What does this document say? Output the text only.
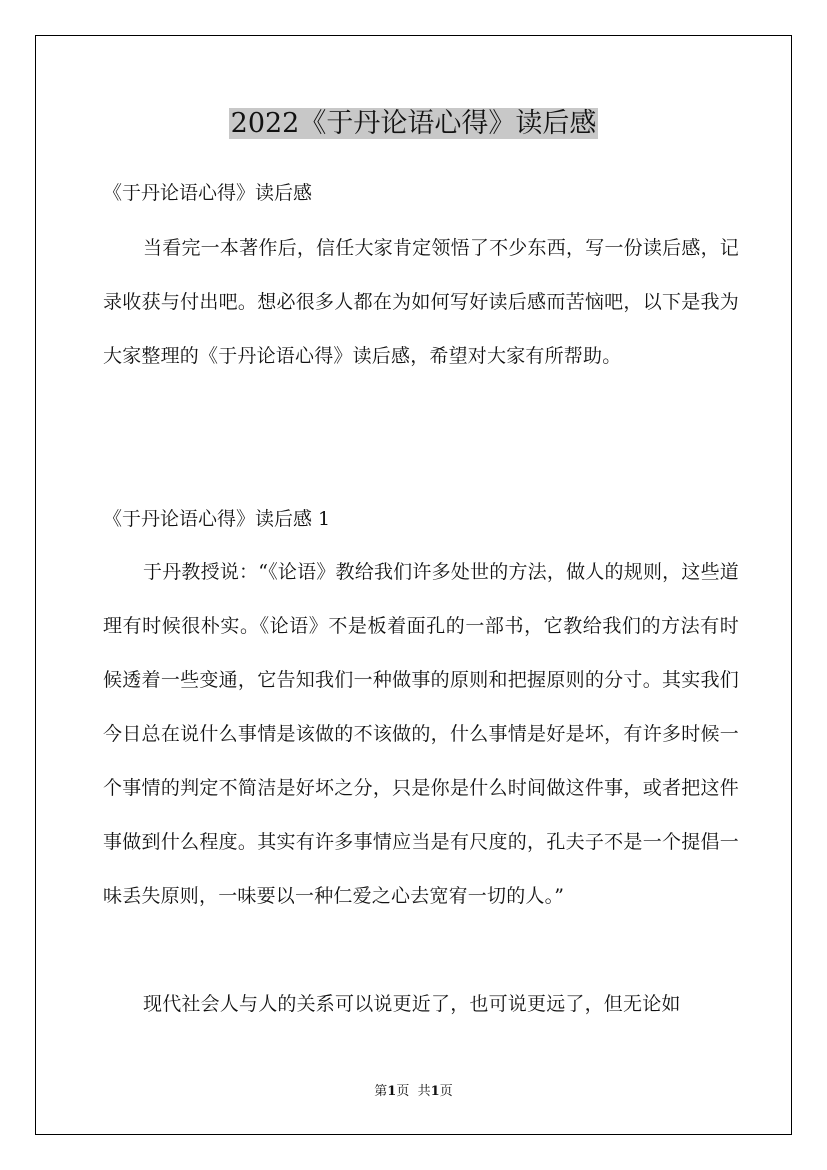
2022《于丹论语心得》读后感

《于丹论语心得》读后感

当看完一本著作后，信任大家肯定领悟了不少东西，写一份读后感，记录收获与付出吧。想必很多人都在为如何写好读后感而苦恼吧，以下是我为大家整理的《于丹论语心得》读后感，希望对大家有所帮助。

《于丹论语心得》读后感 1

于丹教授说：“《论语》教给我们许多处世的方法，做人的规则，这些道理有时候很朴实。《论语》不是板着面孔的一部书，它教给我们的方法有时候透着一些变通，它告知我们一种做事的原则和把握原则的分寸。其实我们今日总在说什么事情是该做的不该做的，什么事情是好是坏，有许多时候一个事情的判定不简洁是好坏之分，只是你是什么时间做这件事，或者把这件事做到什么程度。其实有许多事情应当是有尺度的，孔夫子不是一个提倡一味丢失原则，一味要以一种仁爱之心去宽宥一切的人。”

现代社会人与人的关系可以说更近了，也可说更远了，但无论如

第1页 共1页
